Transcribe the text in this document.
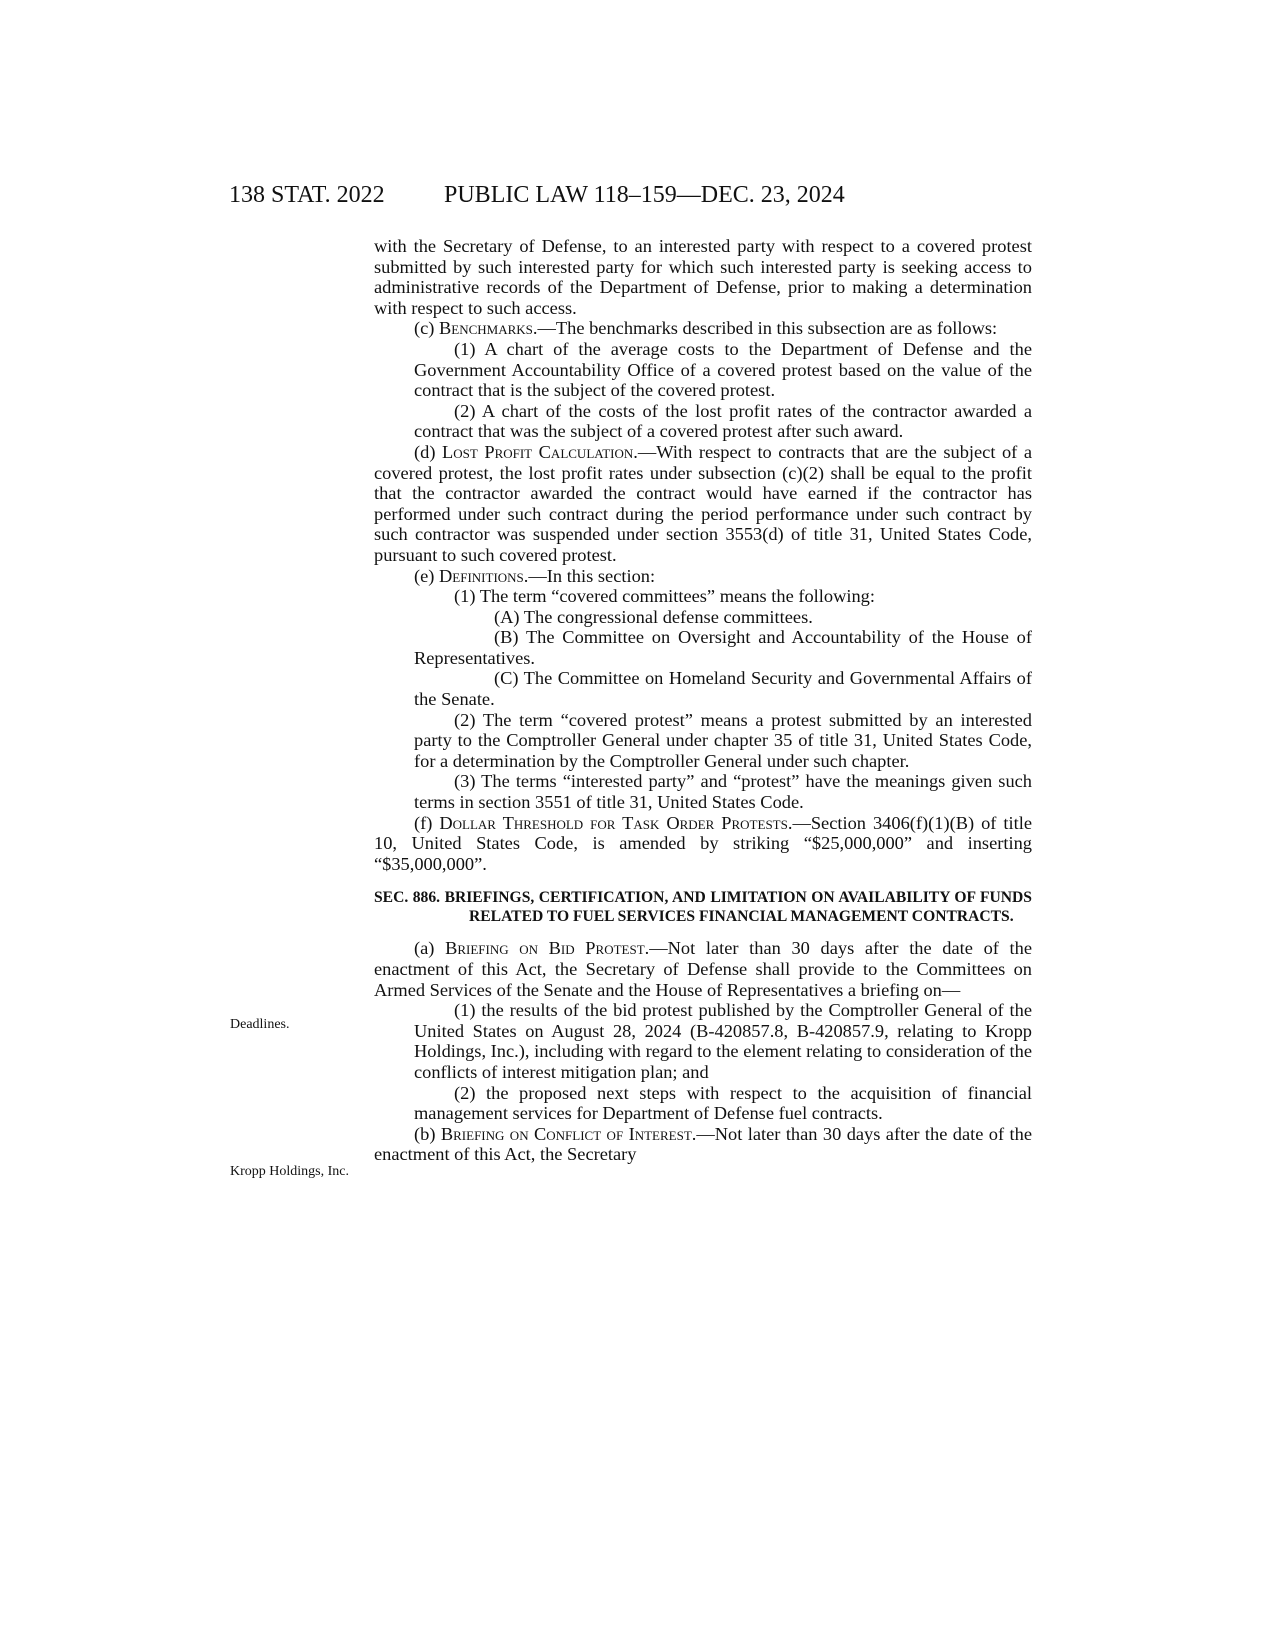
138 STAT. 2022 PUBLIC LAW 118–159—DEC. 23, 2024
Deadlines.
Kropp Holdings, Inc.

with the Secretary of Defense, to an interested party with respect to a covered protest submitted by such interested party for which such interested party is seeking access to administrative records of the Department of Defense, prior to making a determination with respect to such access.

(c) Benchmarks.—The benchmarks described in this subsection are as follows:

(1) A chart of the average costs to the Department of Defense and the Government Accountability Office of a covered protest based on the value of the contract that is the subject of the covered protest.

(2) A chart of the costs of the lost profit rates of the contractor awarded a contract that was the subject of a covered protest after such award.

(d) Lost Profit Calculation.—With respect to contracts that are the subject of a covered protest, the lost profit rates under subsection (c)(2) shall be equal to the profit that the contractor awarded the contract would have earned if the contractor has performed under such contract during the period performance under such contract by such contractor was suspended under section 3553(d) of title 31, United States Code, pursuant to such covered protest.

(e) Definitions.—In this section:

(1) The term “covered committees” means the following:

(A) The congressional defense committees.

(B) The Committee on Oversight and Accountability of the House of Representatives.

(C) The Committee on Homeland Security and Governmental Affairs of the Senate.

(2) The term “covered protest” means a protest submitted by an interested party to the Comptroller General under chapter 35 of title 31, United States Code, for a determination by the Comptroller General under such chapter.

(3) The terms “interested party” and “protest” have the meanings given such terms in section 3551 of title 31, United States Code.

(f) Dollar Threshold for Task Order Protests.—Section 3406(f)(1)(B) of title 10, United States Code, is amended by striking “$25,000,000” and inserting “$35,000,000”.

SEC. 886. BRIEFINGS, CERTIFICATION, AND LIMITATION ON AVAILABILITY OF FUNDS RELATED TO FUEL SERVICES FINANCIAL MANAGEMENT CONTRACTS.

(a) Briefing on Bid Protest.—Not later than 30 days after the date of the enactment of this Act, the Secretary of Defense shall provide to the Committees on Armed Services of the Senate and the House of Representatives a briefing on—

(1) the results of the bid protest published by the Comptroller General of the United States on August 28, 2024 (B-420857.8, B-420857.9, relating to Kropp Holdings, Inc.), including with regard to the element relating to consideration of the conflicts of interest mitigation plan; and

(2) the proposed next steps with respect to the acquisition of financial management services for Department of Defense fuel contracts.

(b) Briefing on Conflict of Interest.—Not later than 30 days after the date of the enactment of this Act, the Secretary
